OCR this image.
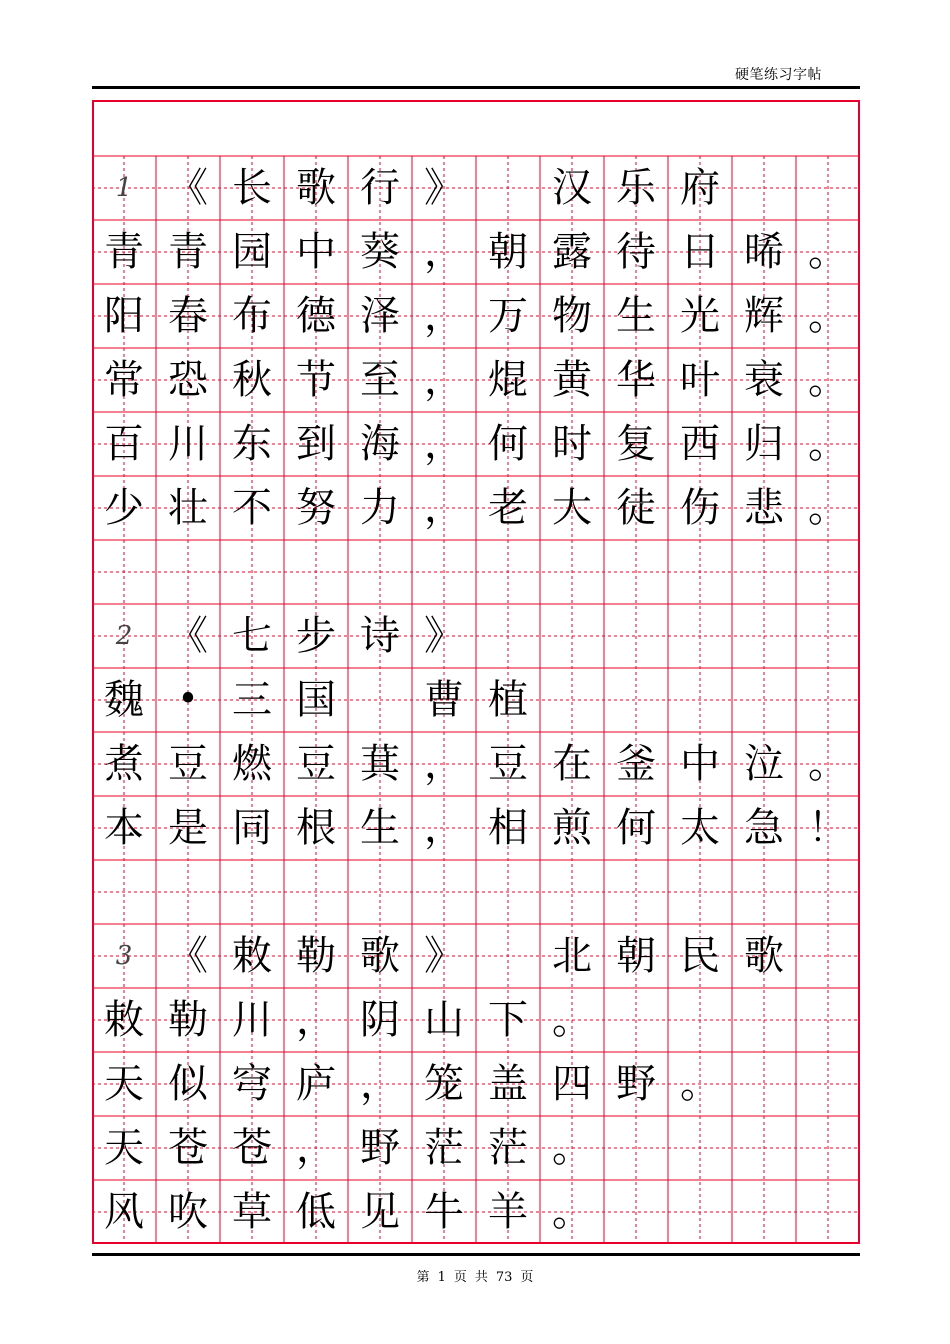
硬笔练习字帖
1 《 长 歌 行 》	汉 乐 府
青 青 园 中 葵 ， 朝 露 待 日 晞 。
阳 春 布 德 泽 ， 万 物 生 光 辉 。
常 恐 秋 节 至 ， 焜 黄 华 叶 衰 。
百 川 东 到 海 ， 何 时 复 西 归 。
少 壮 不 努 力 ， 老 大 徒 伤 悲 。
2 《 七 步 诗 》
魏 • 三 国	曹 植
煮 豆 燃 豆 萁 ， 豆 在 釜 中 泣 。
本 是 同 根 生 ， 相 煎 何 太 急 ！
3 《 敕 勒 歌 》	北 朝 民 歌
敕 勒 川 ， 阴 山 下 。
天 似 穹 庐 ， 笼 盖 四 野 。
天 苍 苍 ， 野 茫 茫 。
风 吹 草 低 见 牛 羊 。
第 1 页 共 73 页
